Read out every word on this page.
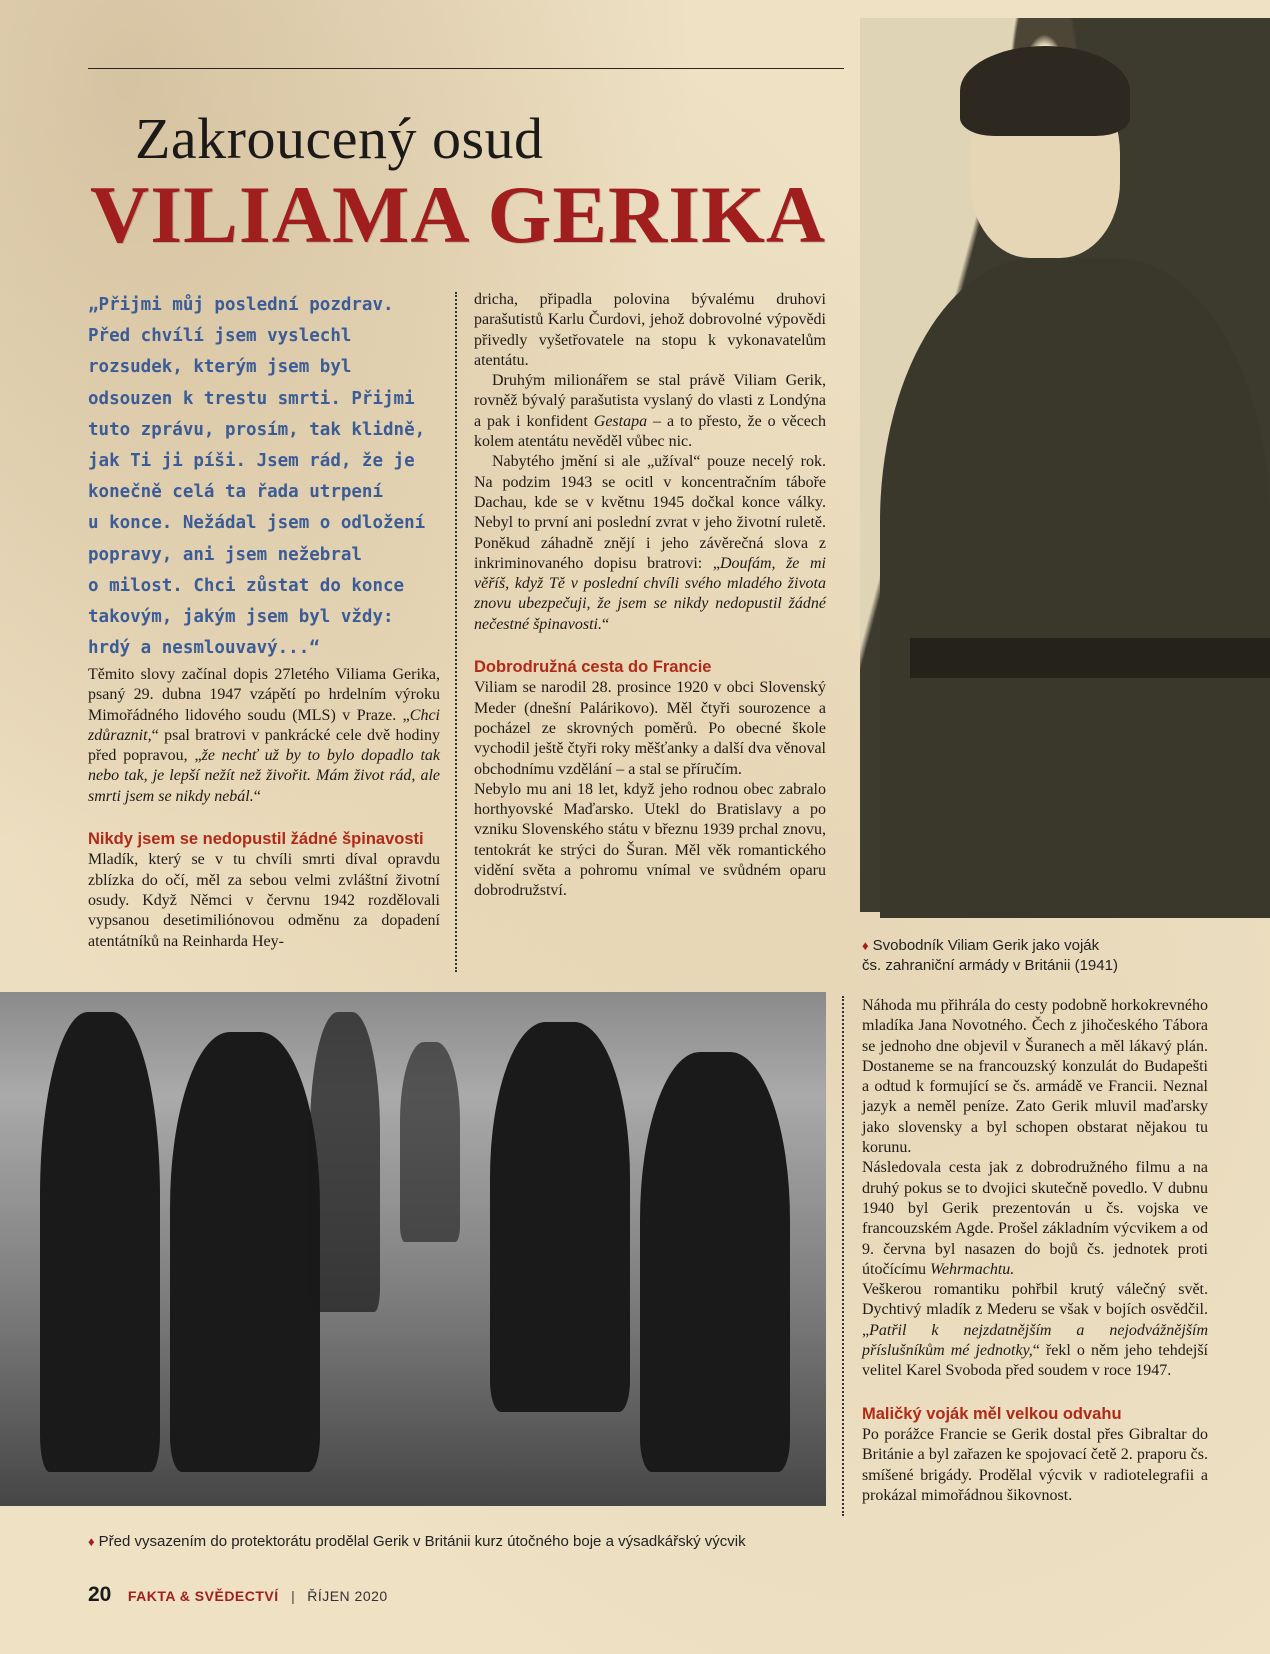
Zakroucený osud
VILIAMA GERIKA
♦ Svobodník Viliam Gerik jako voják
čs. zahraniční armády v Británii (1941)
„Přijmi můj poslední pozdrav.
Před chvílí jsem vyslechl
rozsudek, kterým jsem byl
odsouzen k trestu smrti. Přijmi
tuto zprávu, prosím, tak klidně,
jak Ti ji píši. Jsem rád, že je
konečně celá ta řada utrpení
u konce. Nežádal jsem o odložení
popravy, ani jsem nežebral
o milost. Chci zůstat do konce
takovým, jakým jsem byl vždy:
hrdý a nesmlouvavý...“

Těmito slovy začínal dopis 27letého Viliama Gerika, psaný 29. dubna 1947 vzápětí po hrdelním výroku Mimořádného lidového soudu (MLS) v Praze. „Chci zdůraznit,“ psal bratrovi v pankrácké cele dvě hodiny před popravou, „že nechť už by to bylo dopadlo tak nebo tak, je lepší nežít než živořit. Mám život rád, ale smrti jsem se nikdy nebál.“

Nikdy jsem se nedopustil žádné špinavosti

Mladík, který se v tu chvíli smrti díval opravdu zblízka do očí, měl za sebou velmi zvláštní životní osudy. Když Němci v červnu 1942 rozdělovali vypsanou desetimiliónovou odměnu za dopadení atentátníků na Reinharda Hey-

dricha, připadla polovina bývalému druhovi parašutistů Karlu Čurdovi, jehož dobrovolné výpovědi přivedly vyšetřovatele na stopu k vykonavatelům atentátu.

Druhým milionářem se stal právě Viliam Gerik, rovněž bývalý parašutista vyslaný do vlasti z Londýna a pak i konfident Gestapa – a to přesto, že o věcech kolem atentátu nevěděl vůbec nic.

Nabytého jmění si ale „užíval“ pouze necelý rok. Na podzim 1943 se ocitl v koncentračním táboře Dachau, kde se v květnu 1945 dočkal konce války. Nebyl to první ani poslední zvrat v jeho životní ruletě. Poněkud záhadně znějí i jeho závěrečná slova z inkriminovaného dopisu bratrovi: „Doufám, že mi věříš, když Tě v poslední chvíli svého mladého života znovu ubezpečuji, že jsem se nikdy nedopustil žádné nečestné špinavosti.“

Dobrodružná cesta do Francie

Viliam se narodil 28. prosince 1920 v obci Slovenský Meder (dnešní Palárikovo). Měl čtyři sourozence a pocházel ze skrovných poměrů. Po obecné škole vychodil ještě čtyři roky měšťanky a další dva věnoval obchodnímu vzdělání – a stal se příručím.

Nebylo mu ani 18 let, když jeho rodnou obec zabralo horthyovské Maďarsko. Utekl do Bratislavy a po vzniku Slovenského státu v březnu 1939 prchal znovu, tentokrát ke strýci do Šuran. Měl věk romantického vidění světa a pohromu vnímal ve svůdném oparu dobrodružství.

♦ Před vysazením do protektorátu prodělal Gerik v Británii kurz útočného boje a výsadkářský výcvik

Náhoda mu přihrála do cesty podobně horkokrevného mladíka Jana Novotného. Čech z jihočeského Tábora se jednoho dne objevil v Šuranech a měl lákavý plán. Dostaneme se na francouzský konzulát do Budapešti a odtud k formující se čs. armádě ve Francii. Neznal jazyk a neměl peníze. Zato Gerik mluvil maďarsky jako slovensky a byl schopen obstarat nějakou tu korunu.

Následovala cesta jak z dobrodružného filmu a na druhý pokus se to dvojici skutečně povedlo. V dubnu 1940 byl Gerik prezentován u čs. vojska ve francouzském Agde. Prošel základním výcvikem a od 9. června byl nasazen do bojů čs. jednotek proti útočícímu Wehrmachtu.

Veškerou romantiku pohřbil krutý válečný svět. Dychtivý mladík z Mederu se však v bojích osvědčil. „Patřil k nejzdatnějším a nejodvážnějším příslušníkům mé jednotky,“ řekl o něm jeho tehdejší velitel Karel Svoboda před soudem v roce 1947.

Maličký voják měl velkou odvahu

Po porážce Francie se Gerik dostal přes Gibraltar do Británie a byl zařazen ke spojovací četě 2. praporu čs. smíšené brigády. Prodělal výcvik v radiotelegrafii a prokázal mimořádnou šikovnost.

20 FAKTA & SVĚDECTVÍ | ŘÍJEN 2020
